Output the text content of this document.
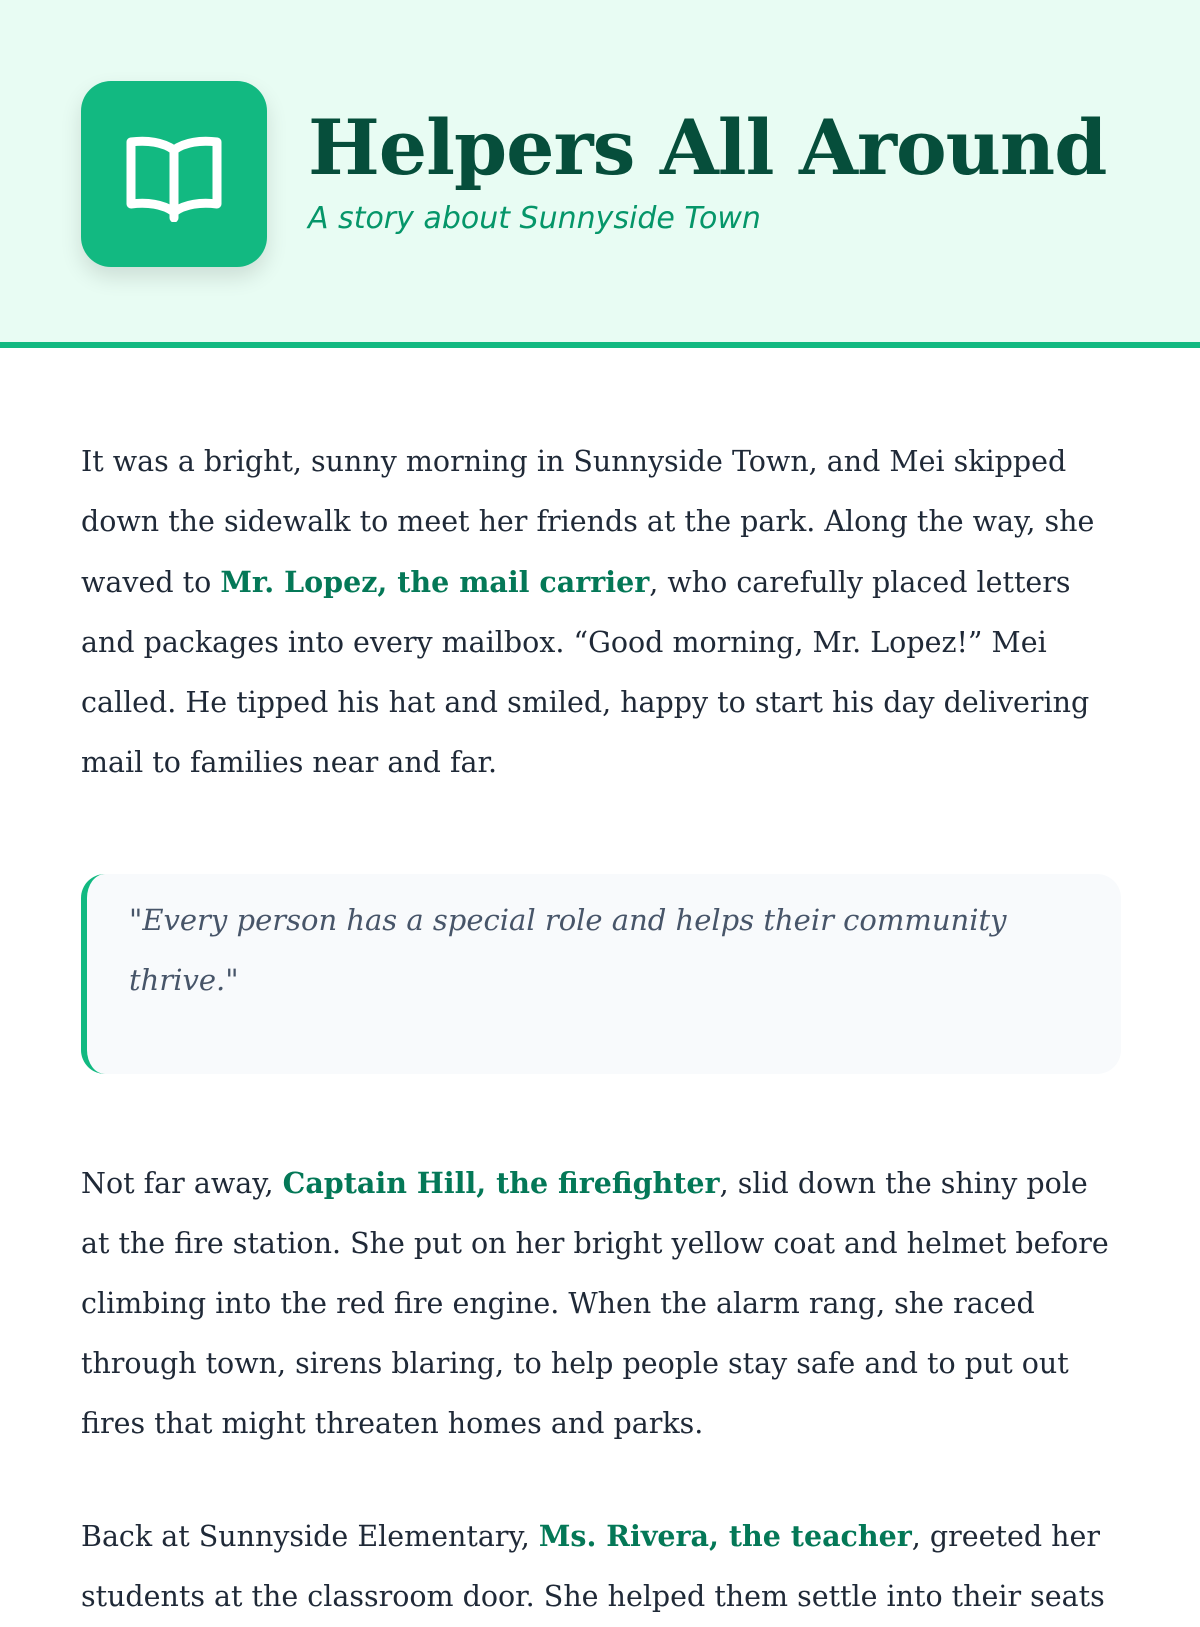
Helpers All Around

A story about Sunnyside Town

It was a bright, sunny morning in Sunnyside Town, and Mei skipped down the sidewalk to meet her friends at the park. Along the way, she waved to Mr. Lopez, the mail carrier, who carefully placed letters and packages into every mailbox. “Good morning, Mr. Lopez!” Mei called. He tipped his hat and smiled, happy to start his day delivering mail to families near and far.

"Every person has a special role and helps their community thrive."

Not far away, Captain Hill, the firefighter, slid down the shiny pole at the fire station. She put on her bright yellow coat and helmet before climbing into the red fire engine. When the alarm rang, she raced through town, sirens blaring, to help people stay safe and to put out fires that might threaten homes and parks.

Back at Sunnyside Elementary, Ms. Rivera, the teacher, greeted her students at the classroom door. She helped them settle into their seats
